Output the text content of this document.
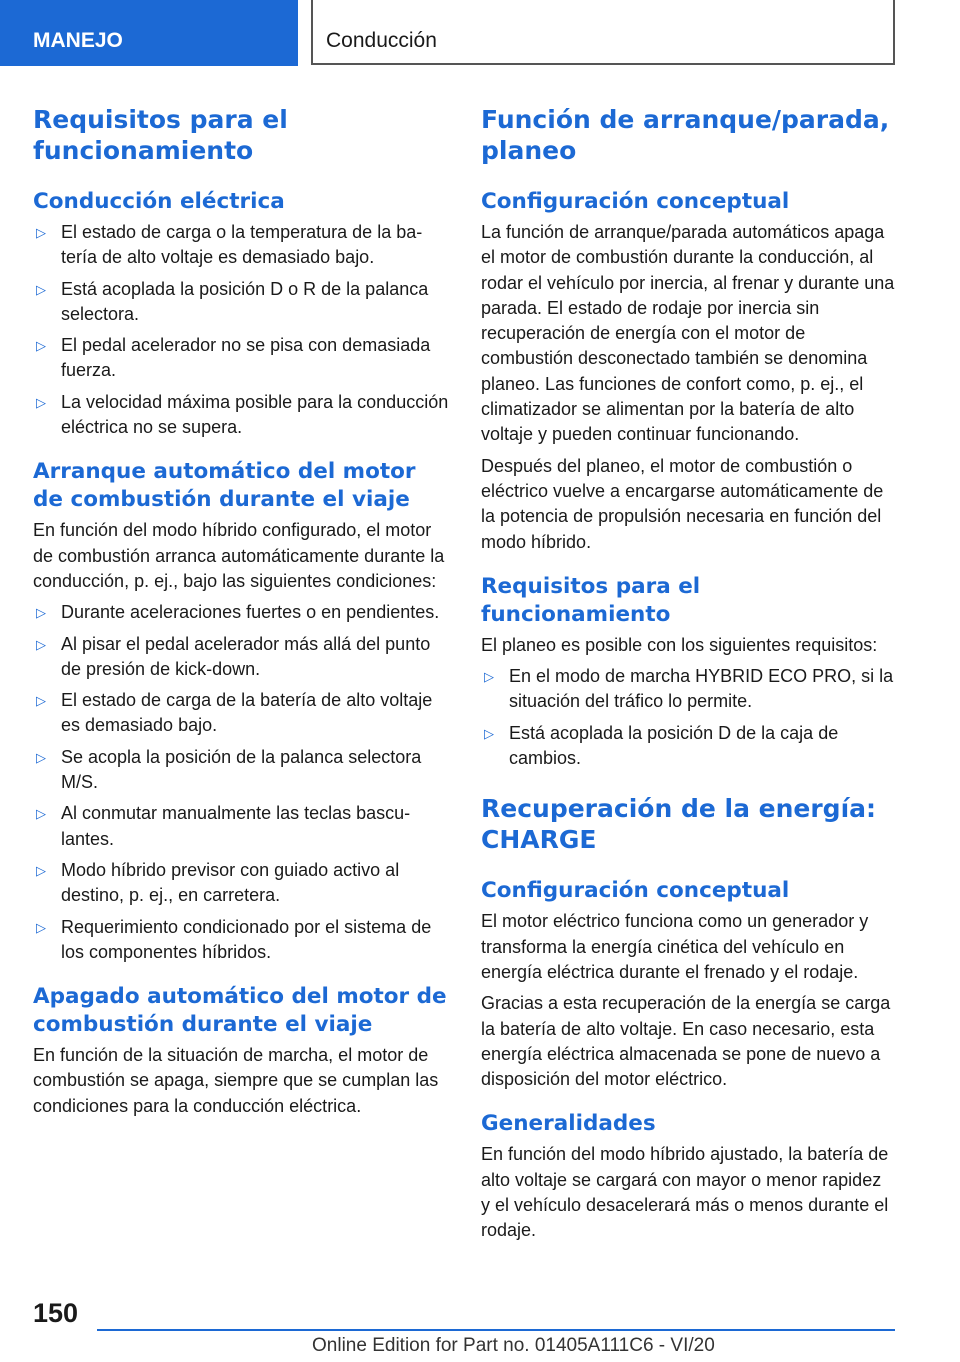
MANEJO	Conducción
Requisitos para el funcionamiento
Conducción eléctrica
▷ El estado de carga o la temperatura de la batería de alto voltaje es demasiado bajo.
▷ Está acoplada la posición D o R de la palanca selectora.
▷ El pedal acelerador no se pisa con demasiada fuerza.
▷ La velocidad máxima posible para la conducción eléctrica no se supera.
Arranque automático del motor de combustión durante el viaje

En función del modo híbrido configurado, el motor de combustión arranca automáticamente durante la conducción, p. ej., bajo las siguientes condiciones:

▷ Durante aceleraciones fuertes o en pendientes.
▷ Al pisar el pedal acelerador más allá del punto de presión de kick-down.
▷ El estado de carga de la batería de alto voltaje es demasiado bajo.
▷ Se acopla la posición de la palanca selectora M/S.
▷ Al conmutar manualmente las teclas basculantes.
▷ Modo híbrido previsor con guiado activo al destino, p. ej., en carretera.
▷ Requerimiento condicionado por el sistema de los componentes híbridos.
Apagado automático del motor de combustión durante el viaje

En función de la situación de marcha, el motor de combustión se apaga, siempre que se cumplan las condiciones para la conducción eléctrica.

Función de arranque/parada, planeo
Configuración conceptual

La función de arranque/parada automáticos apaga el motor de combustión durante la conducción, al rodar el vehículo por inercia, al frenar y durante una parada. El estado de rodaje por inercia sin recuperación de energía con el motor de combustión desconectado también se denomina planeo. Las funciones de confort como, p. ej., el climatizador se alimentan por la batería de alto voltaje y pueden continuar funcionando.

Después del planeo, el motor de combustión o eléctrico vuelve a encargarse automáticamente de la potencia de propulsión necesaria en función del modo híbrido.

Requisitos para el funcionamiento

El planeo es posible con los siguientes requisitos:

▷ En el modo de marcha HYBRID ECO PRO, si la situación del tráfico lo permite.
▷ Está acoplada la posición D de la caja de cambios.
Recuperación de la energía: CHARGE
Configuración conceptual

El motor eléctrico funciona como un generador y transforma la energía cinética del vehículo en energía eléctrica durante el frenado y el rodaje.

Gracias a esta recuperación de la energía se carga la batería de alto voltaje. En caso necesario, esta energía eléctrica almacenada se pone de nuevo a disposición del motor eléctrico.

Generalidades

En función del modo híbrido ajustado, la batería de alto voltaje se cargará con mayor o menor rapidez y el vehículo desacelerará más o menos durante el rodaje.

150
Online Edition for Part no. 01405A111C6 - VI/20
